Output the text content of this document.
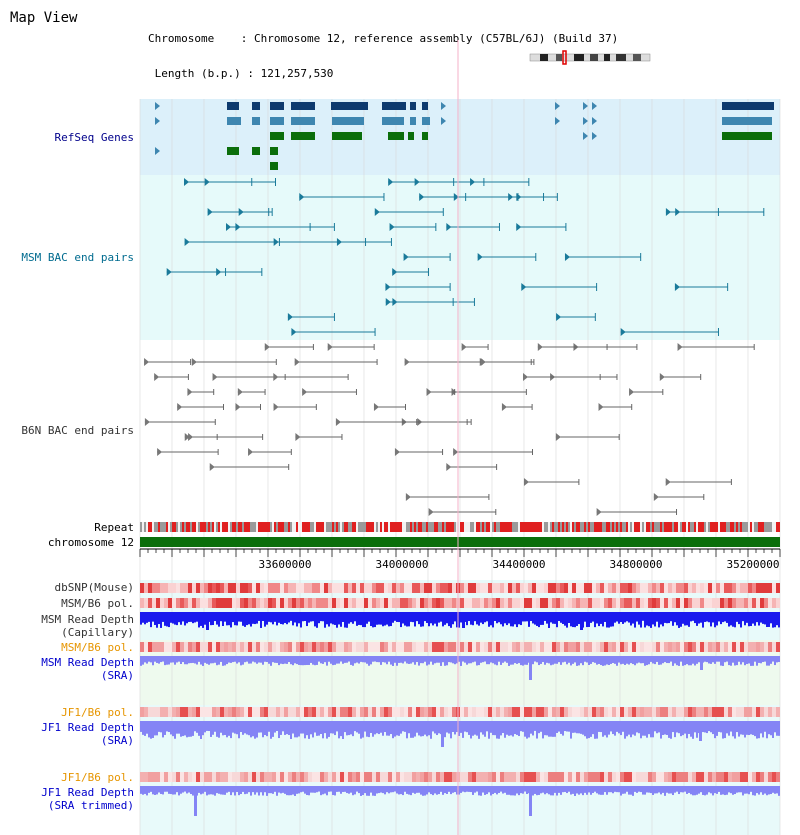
Map View

Chromosome    : Chromosome 12, reference assembly (C57BL/6J) (Build 37)

Length (b.p.) : 121,257,530

33600000	34000000	34400000	34800000	35200000
RefSeq Genes
MSM BAC end pairs
B6N BAC end pairs
Repeat
chromosome 12
dbSNP(Mouse)
MSM/B6 pol.
MSM Read Depth
(Capillary)
MSM/B6 pol.
MSM Read Depth
(SRA)
JF1/B6 pol.
JF1 Read Depth
(SRA)
JF1/B6 pol.
JF1 Read Depth
(SRA trimmed)
